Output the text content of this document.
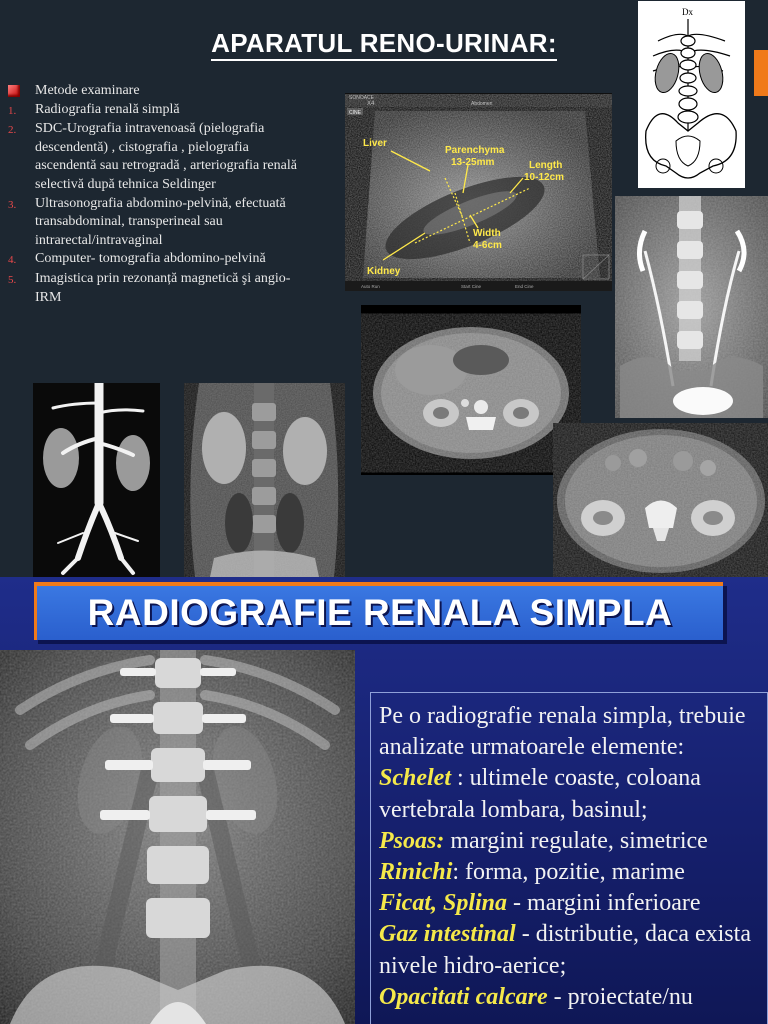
APARATUL RENO-URINAR:
Metode examinare
1.	Radiografia renală simplă
2.	SDC-Urografia intravenoasă (pielografia descendentă) , cistografia , pielografia ascendentă sau retrogradă , arteriografia renală selectivă după tehnica Seldinger
3.	Ultrasonografia abdomino-pelvină, efectuată transabdominal, transperineal sau intrarectal/intravaginal
4.	Computer- tomografia abdomino-pelvină
5.	Imagistica prin rezonanță magnetică şi angio- IRM
SONOACE
X4	Abdomen
CINE
Liver
Parenchyma
13-25mm	Length
10-12cm
Width
4-6cm
Kidney
Auto Run	Start Cine	End Cine
Dx
RADIOGRAFIE RENALA SIMPLA
Pe o radiografie renala simpla, trebuie analizate urmatoarele elemente:
Schelet : ultimele coaste, coloana vertebrala lombara, basinul;
Psoas: margini regulate, simetrice
Rinichi: forma, pozitie, marime
Ficat, Splina - margini inferioare
Gaz intestinal - distributie, daca exista nivele hidro-aerice;
Opacitati calcare - proiectate/nu
